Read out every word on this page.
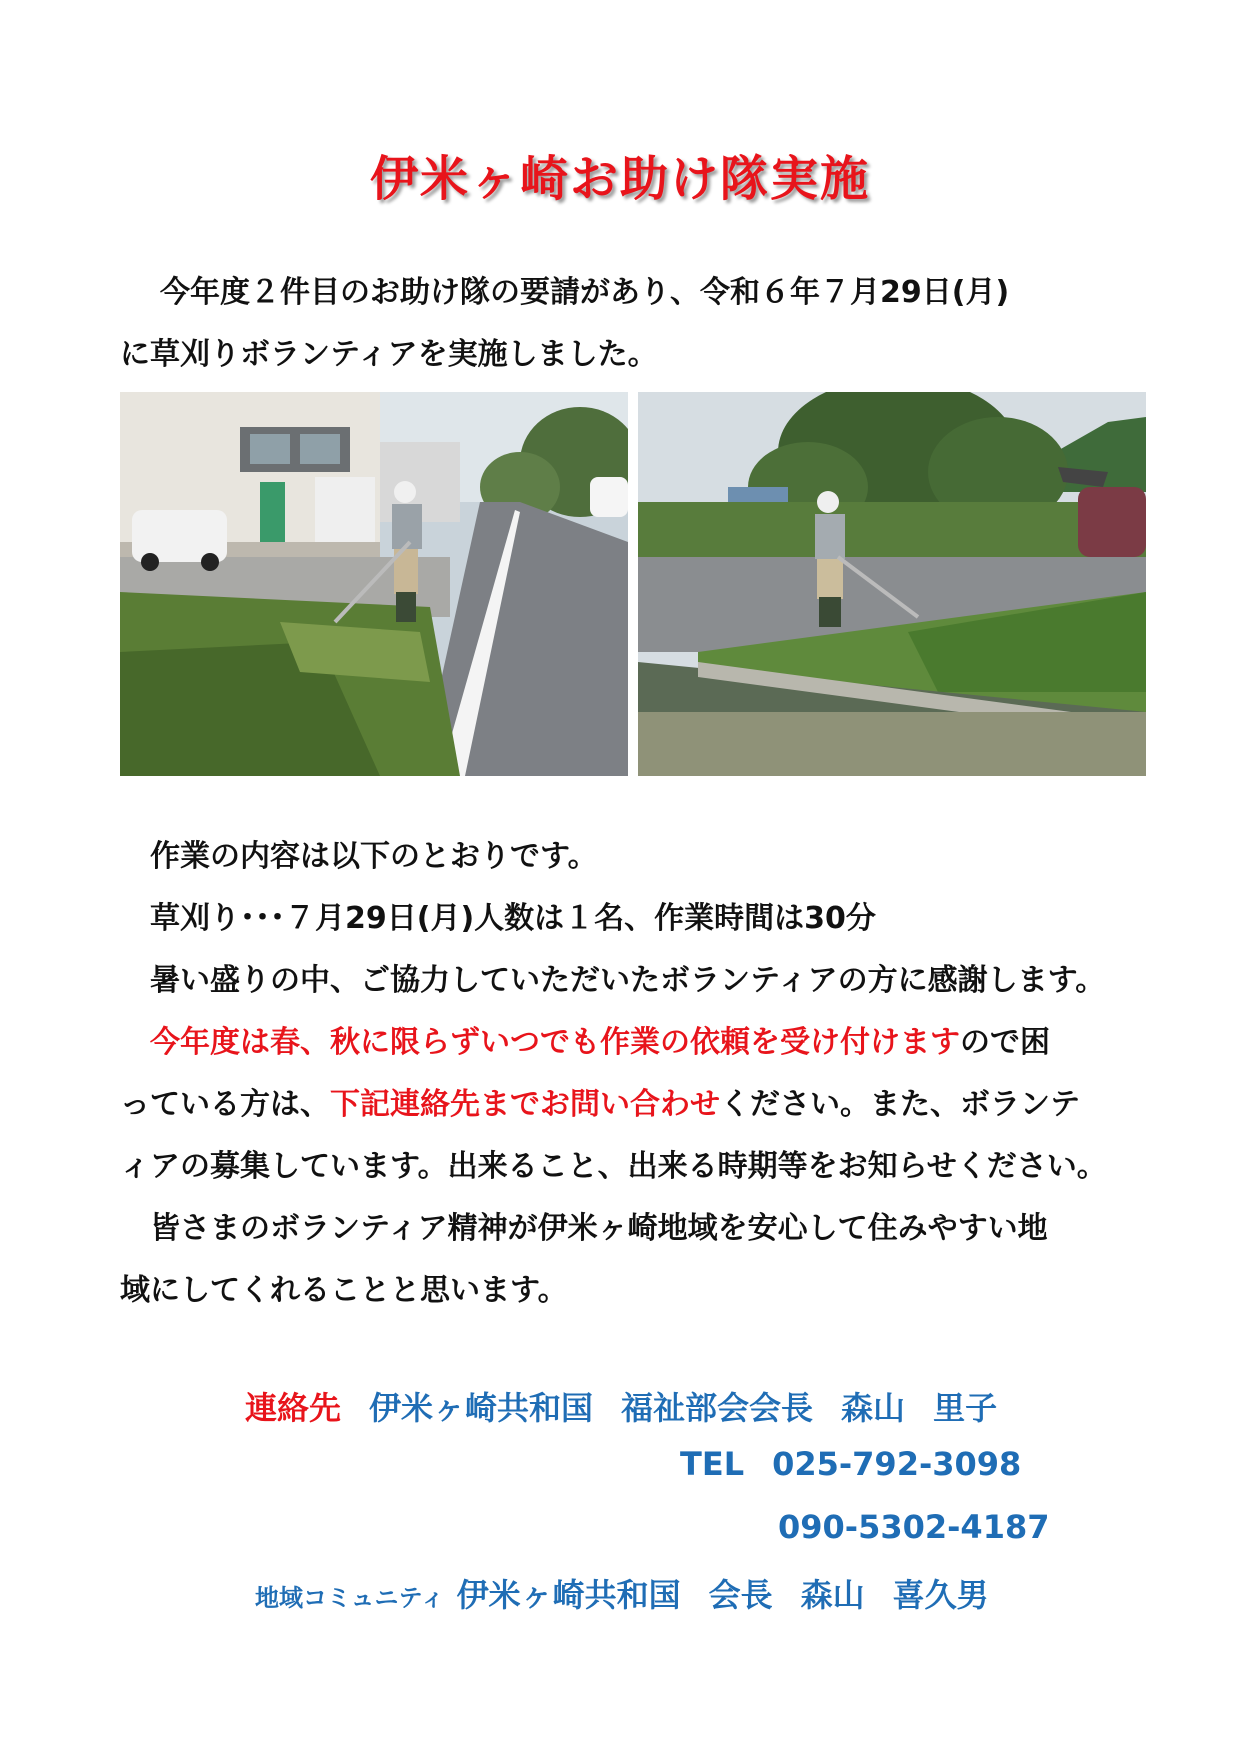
伊米ヶ崎お助け隊実施

今年度２件目のお助け隊の要請があり、令和６年７月29日(月)
に草刈りボランティアを実施しました。

作業の内容は以下のとおりです。
草刈り･･･７月29日(月)人数は１名、作業時間は30分
暑い盛りの中、ご協力していただいたボランティアの方に感謝します。
今年度は春、秋に限らずいつでも作業の依頼を受け付けますので困
っている方は、下記連絡先までお問い合わせください。また、ボランテ
ィアの募集しています。出来ること、出来る時期等をお知らせください。
皆さまのボランティア精神が伊米ヶ崎地域を安心して住みやすい地
域にしてくれることと思います。
連絡先 伊米ヶ崎共和国 福祉部会会長 森山 里子
TEL 025-792-3098
090-5302-4187
地域コミュニティ 伊米ヶ崎共和国 会長 森山 喜久男
